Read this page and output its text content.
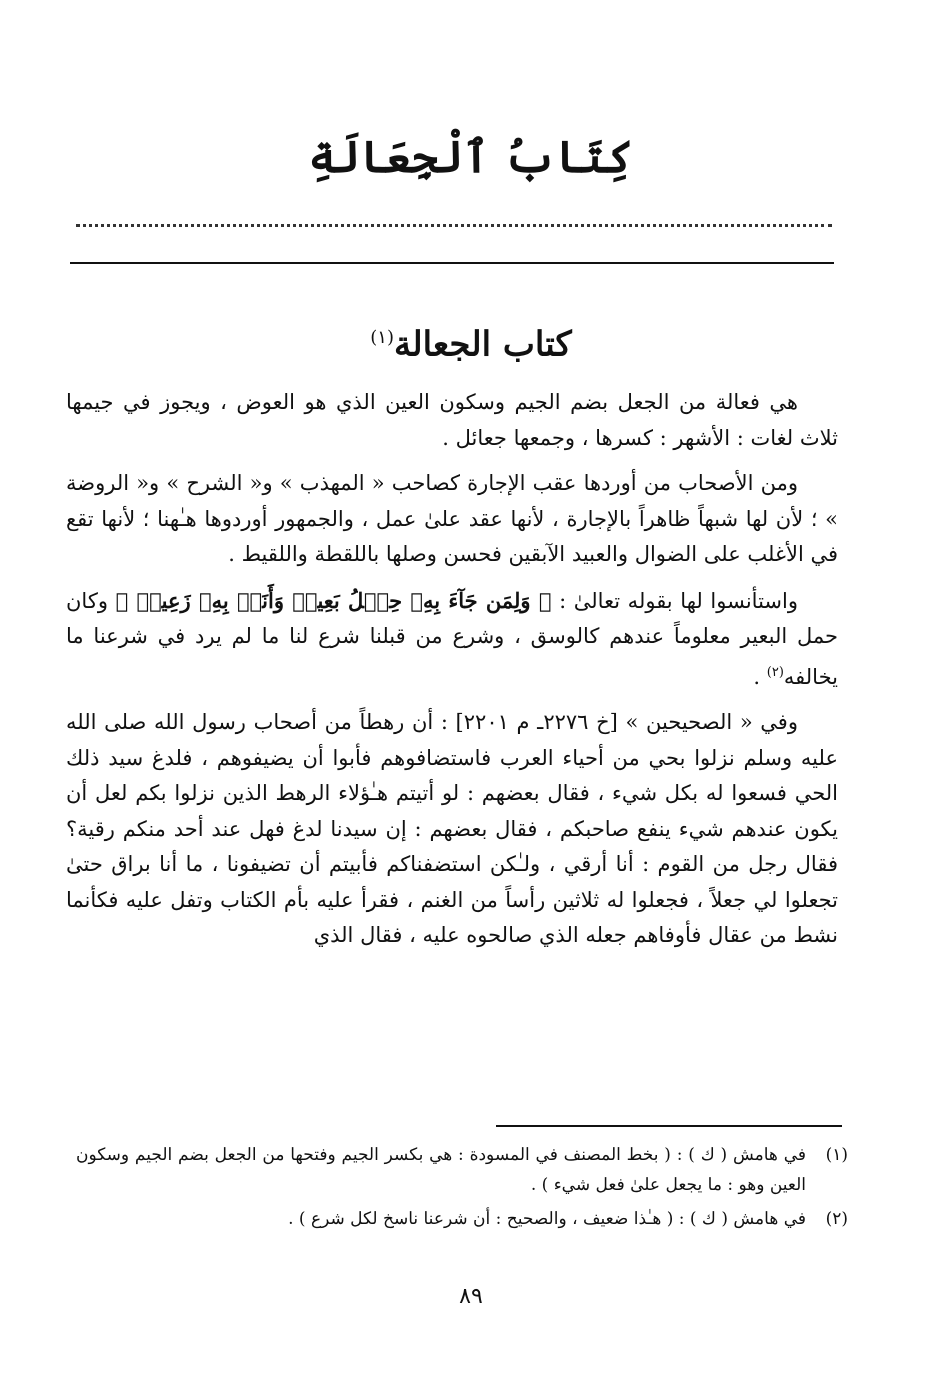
كِتَابُ ٱلْجِعَالَةِ
كتاب الجعالة$^{(١)}$

هي فعالة من الجعل بضم الجيم وسكون العين الذي هو العوض ، ويجوز في جيمها ثلاث لغات : الأشهر : كسرها ، وجمعها جعائل .

ومن الأصحاب من أوردها عقب الإجارة كصاحب « المهذب » و« الشرح » و« الروضة » ؛ لأن لها شبهاً ظاهراً بالإجارة ، لأنها عقد علىٰ عمل ، والجمهور أوردوها هـٰهنا ؛ لأنها تقع في الأغلب على الضوال والعبيد الآبقين فحسن وصلها باللقطة واللقيط .

واستأنسوا لها بقوله تعالىٰ : ﴿ وَلِمَن جَآءَ بِهِۦ حِمۡلُ بَعِيرٖ وَأَنَا۠ بِهِۦ زَعِيمٞ ﴾ وكان حمل البعير معلوماً عندهم كالوسق ، وشرع من قبلنا شرع لنا ما لم يرد في شرعنا ما يخالفه$^{(٢)}$ .

وفي « الصحيحين » [خ ٢٢٧٦ـ م ٢٢٠١] : أن رهطاً من أصحاب رسول الله صلى الله عليه وسلم نزلوا بحي من أحياء العرب فاستضافوهم فأبوا أن يضيفوهم ، فلدغ سيد ذلك الحي فسعوا له بكل شيء ، فقال بعضهم : لو أتيتم هـٰؤلاء الرهط الذين نزلوا بكم لعل أن يكون عندهم شيء ينفع صاحبكم ، فقال بعضهم : إن سيدنا لدغ فهل عند أحد منكم رقية؟ فقال رجل من القوم : أنا أرقي ، ولـٰكن استضفناكم فأبيتم أن تضيفونا ، ما أنا براق حتىٰ تجعلوا لي جعلاً ، فجعلوا له ثلاثين رأساً من الغنم ، فقرأ عليه بأم الكتاب وتفل عليه فكأنما نشط من عقال فأوفاهم جعله الذي صالحوه عليه ، فقال الذي

(١)
في هامش ( ك ) : ( بخط المصنف في المسودة : هي بكسر الجيم وفتحها من الجعل بضم الجيم وسكون العين وهو : ما يجعل علىٰ فعل شيء ) .
(٢)
في هامش ( ك ) : ( هـٰذا ضعيف ، والصحيح : أن شرعنا ناسخ لكل شرع ) .
٨٩
